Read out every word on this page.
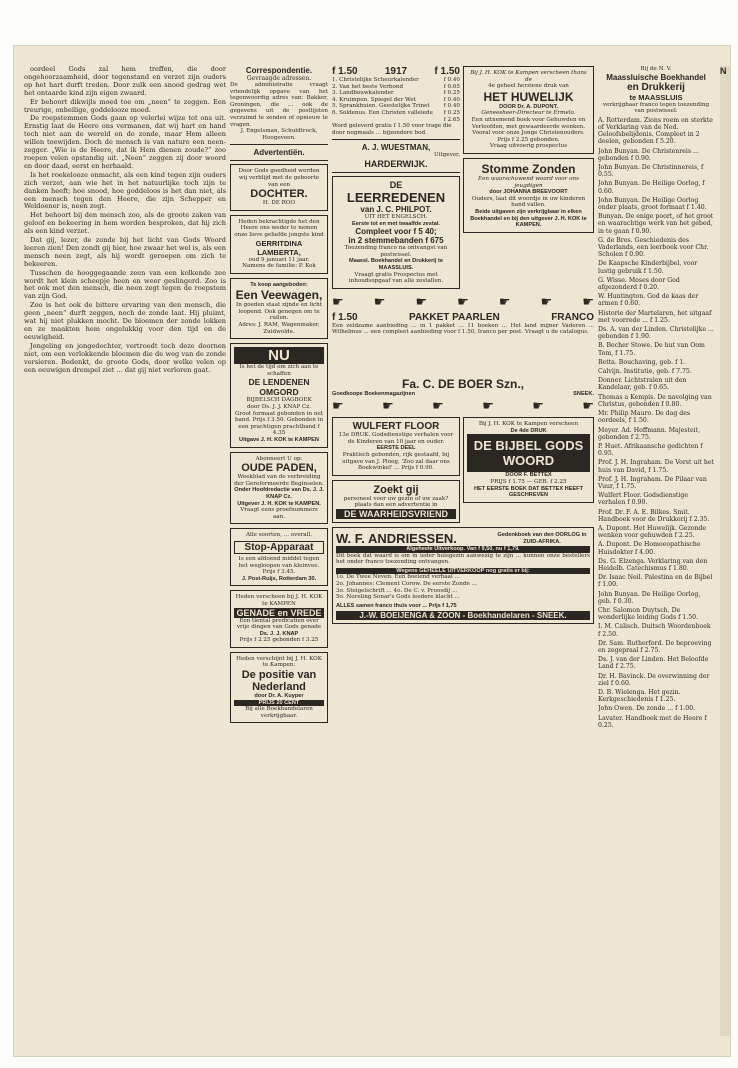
oordeel Gods zal hem treffen, die door ongehoorzaamheid, door tegenstand en verzet zijn ouders op het hart durft treden. Door zulk een snood gedrag wet het ontaarde kind zijn eigen zwaard.

Er behoort dikwijls moed toe om „neen“ te zeggen. Een treurige, onheilige, goddelooze moed.

De roepstemmen Gods gaan op velerlei wijze tot ons uit. Ernstig laat de Heere ons vermanen, dat wij hart en hand toch niet aan de wereld en de zonde, maar Hem alleen willen toewijden. Doch de mensch is van nature een neen-zegger. „Wie is de Heere, dat ik Hem dienen zoude?“ zoo roepen velen opstandig uit. „Neen“ zeggen zij door woord en door daad, eerst en herhaald.

Is het roekelooze onmacht, als een kind tegen zijn ouders zich verzet, aan wie het in het natuurlijke toch zijn te danken heeft; hoe snood, hoe goddeloos is het dan niet, als een mensch tegen den Heere, die zijn Schepper en Weldoener is, neen zegt.

Het behoort bij den mensch zoo, als de groote zaken van geloof en bekeering in hem worden besproken, dat hij zich als een kind verzet.

Dat gij, lezer, de zonde bij het licht van Gods Woord leeren zien! Den zondt gij hier, hoe zwaar het wel is, als een mensch neen zegt, als hij wordt geroepen om zich te bekeeren.

Tusschen de hooggegaande zeen van een kolkende zee wordt het klein scheepje heen en weer geslingerd. Zoo is het ook met den mensch, die neen zegt tegen de roepstem van zijn God.

Zoo is het ook de bittere ervaring van den mensch, die geen „neen“ durft zeggen, noch de zonde laat. Hij pluimt, wat hij niet plukken mocht. De bloemen der zonde lokken en ze maakten hem ongelukkig voor den tijd en de eeuwigheid.

Jongeling en jongedochter, vertroedt toch deze doornen niet, om een verlokkende bloemen die de weg van de zonde versieren. Bedenkt, de groote Gods, door welke velen op een eeuwigen drempel ziet ... dat gij niet verloren gaat.

Correspondentie.
Gevraagde adressen.
De administratie vraagt vriendelijk opgave van het tegenwoordig adres van: Bakker, Groningen, die ... ook de gegevens uit de postlijsten verzuimd te zenden of opnieuw te vragen.
J. Engelsman, Schuldtrock, Hoogeveen.
Advertentiën.
Door Gods goedheid werden wij verblijd met de geboorte van een
DOCHTER.
H. DE ROO
Heden bekrachtigde het den Heere ons weder te nemen onze lieve geliefde jongste kind
GERRITDINA LAMBERTA,
oud 9 januari 11 jaar.
Namens de familie: P. Kok
Te koop aangeboden:
Een Veewagen,
In goeden staat zijnde en licht loopend. Ook genegen om te ruilen.
Adres: J. RAM, Wagenmaker, Zuidwolde.
NU
Is het de tijd om zich aan te schaffen
DE LENDENEN OMGORD
BIJBELSCH DAGBOEK
door Ds. J. J. KNAP Cz.
Groot formaat gebonden in net band. Prijs f 3.50. Gebonden in een prachtigen prachtband f 4.35
Uitgave J. H. KOK te KAMPEN
Abonneert U op:
OUDE PADEN,
Weekblad van de verbreiding der Gereformeerde Beginselen.
Onder Hoofdredactie van Ds. J. J. KNAP Cz.
Uitgever J. H. KOK te KAMPEN.
Vraagt eens proefnummers aan.
Alle soorten, ... overall.
Stop-Apparaat
Is een afdoend middel tegen het wegloopen van kleinvee. Prijs f 3.45.
J. Post-Ruijs, Rotterdam 30.
Heden verscheen bij J. H. KOK te KAMPEN
GENADE en VREDE
Een tiental predicatien over vrije dingen van Gods genade
Ds. J. J. KNAP
Prijs f 2.25 gebonden f 3.25
Heden verschijnt bij J. H. KOK te Kampen:
De positie van Nederland
door Dr. A. Kuyper
PRIJS 20 CENT
Bij alle Boekhandelaren verkrijgbaar.
f 1.50	1917	f 1.50
1. Christelijke Scheurkalender	f 0.40
2. Van het beste Verbond	f 0.65
3. Landbouwkalender	f 0.25
4. Kruimpen. Spiegel der Wet	f 0.40
5. Sprankbuien. Geestelijke Trinet	f 0.40
6. Soldenus. Een Christen valleiede f 0.25
f 2.65
Word geleverd gratis f 1.50 voor trage die door nogmaals ... bijzondere bod.
A. J. WUESTMAN,
Uitgever,
HARDERWIJK.
DE
LEERREDENEN
van J. C. PHILPOT.
UIT HET ENGELSCH.
Eerste tot en met twaalfde zestal.
Compleet voor f 5 40;
in 2 stemmebanden f 675
Toezending franco na ontvangst van postwissel.
Maassl. Boekhandel en Drukkerij te MAASSLUIS.
Vraagt gratis Prospectus met inhoudsopgaaf van alle zestallen.
Bij J. H. KOK te Kampen verscheen thans de
4e geheel herziene druk van
HET HUWELIJK
DOOR Dr. A. DUPONT.
Geneesheer-Directeur te Ermelo.
Een uitnemend boek voor Gehuwden en Verloofden, met gewaardeerde wenken. Vooral voor onze Jonge Christenouders. Prijs f 2.25 gebonden.
Vraag uitvoerig prospectus
Stomme Zonden
Een waarschuwend woord voor ons jeugdigen
door JOHANNA BREEVOORT
Ouders, laat dit woordje in uw kinderen hand vallen.
Beide uitgaven zijn verkrijgbaar in elken Boekhandel en bij den uitgever J. H. KOK te KAMPEN.
☛ ☛ ☛ ☛ ☛ ☛ ☛
f 1.50	PAKKET PAARLEN	FRANCO
Een zeldzame aanbieding ... in 1 pakket ... 11 boeken ... Het land mijner Vaderen ... Wilhelmus ... een compleet aanbieding voor f 1.50, franco per post. Vraagt u de catalogus.
Fa. C. DE BOER Szn.,
Goedkoope Boekenmagazijnen	SNEEK.
☛	☛	☛	☛	☛	☛
WULFERT FLOOR
13e DRUK. Godsdienstige verhalen voor de Kinderen van 10 jaar en ouder.
EERSTE DEEL
Praktisch gebonden, rijk gestaafd, bij uitgave van J. Ploeg, 'Zoo zal daar ons Boekwinkel' ... Prijs f 0.90.
Zoekt gij
personeel voor uw gezin of uw zaak?
plaats dan een advertentie in
DE WAARHEIDSVRIEND
Bij J. H. KOK te Kampen verscheen
De 4de DRUK
DE BIJBEL GODS WOORD
DOOR F. BETTEX
PRIJS f 1.75 — GEB. f 2.25
HET EERSTE BOEK DAT BETTEX HEEFT GESCHREVEN
W. F. ANDRIESSEN.	Gedenkboek van den OORLOG in ZUID-AFRIKA.
Algeheele Uitverkoop. Van f 9,50, nu f 1,79.
Dit boek dat waard is om in ieder huisgezin aanwezig te zijn ... kunnen onze bestellers het onder franco toezending ontvangen.
Wegens GEHEELE UITVERKOOP nog gratis er bij:
1o. De Twee Neven. Een boeiend verhaal ...
2o. Johannes: Clement Corow. De eerste Zonde ...
3o. Steigelschrift ... 4o. De C. v. Proosdij ...
5o. Noreling Sonar's Gods leedere klacht ...
ALLES samen franco thuis voor ... Prijs f 1,75
J.-W. BOEIJENGA & ZOON - Boekhandelaren - SNEEK.
Bij de N. V.
Maassluische Boekhandel
en Drukkerij
te MAASSLUIS
verkrijgbaar franco tegen toezending van postwissel:
A. Rotterdam. Zions roem en sterkte of Verklaring van de Ned. Geloofsbelijdenis. Compleet in 2 deelen, gebonden f 5.20.
John Bunyan. De Christenreis ... gebonden f 0.90.
John Bunyan. De Christinnereis, f 0.55.
John Bunyan. De Heilige Oorlog, f 0.60.
John Bunyan. De Heilige Oorlog onder plaats, groot formaat f 1.40.
Bunyan. De enige poort, of het groot en waarachtige werk van het gebed, in te gaan f 0.90.
G. de Bres. Geschiedenis des Vaderlands, een leerboek voor Chr. Scholen f 0.90.
De Kaapsche Kinderbijbel, voor lustig gebruik f 1.50.
G. Wisse. Moses door God afgezonderd f 0.20.
W. Huntington. God de kaas der armen f 0.60.
Historie der Martelaren, het uitgaaf met voorrede ... f 1.25.
Ds. A. van der Linden. Christelijke ... gebonden f 1.90.
B. Becher Stowe. De hut van Oom Tom, f 1.75.
Betta. Bouchaving, geb. f 1.
Calvijn. Institutie, geb. f 7.75.
Donner. Lichtstralen uit den Kandelaar, geb. f 0.65.
Thomas a Kempis. De navolging van Christus, gebonden f 0.80.
Mr. Philip Mauro. De dag des oordeels, f 1.50.
Meyer. Ad. Hoffmann. Majesteit, gebonden f 2.75.
P. Huet. Afrikaansche gedichten f 0.95.
Prof. J. H. Ingraham. De Vorst uit het huis van David, f 1.75.
Prof. J. H. Ingraham. De Pilaar van Vuur, f 1.75.
Wulfert Floor. Godsdienstige verhalen f 0.90.
Prof. Dr. F. A. E. Bilkes. Smit. Handboek voor de Drukkerij f 2.35.
A. Dupont. Het Huwelijk. Gezonde wenken voor gehuwden f 2.25.
A. Dupont. De Homoeopathische Huisdokter f 4.00.
Ds. G. Elzenga. Verklaring van den Heidelb. Catechismus f 1.80.
Dr. Isaac Neil. Palestina en de Bijbel f 1.00.
John Bunyan. De Heilige Oorlog, geb. f 0.30.
Chr. Salomon Duytsch. De wonderlijke leiding Gods f 1.50.
I. M. Calisch. Duitsch Woordenboek f 2.50.
Dr. Sam. Rutherford. De beproeving en zegepraal f 2.75.
Ds. J. van der Linden. Het Beloofde Land f 2.75.
Dr. H. Bavinck. De overwinning der ziel f 0.60.
D. B. Wielenga. Het gezin. Kerkgeschiedenis f 1.25.
John Owen. De zonde ... f 1.00.
Lavater. Handboek met de Heere f 0.25.
N
